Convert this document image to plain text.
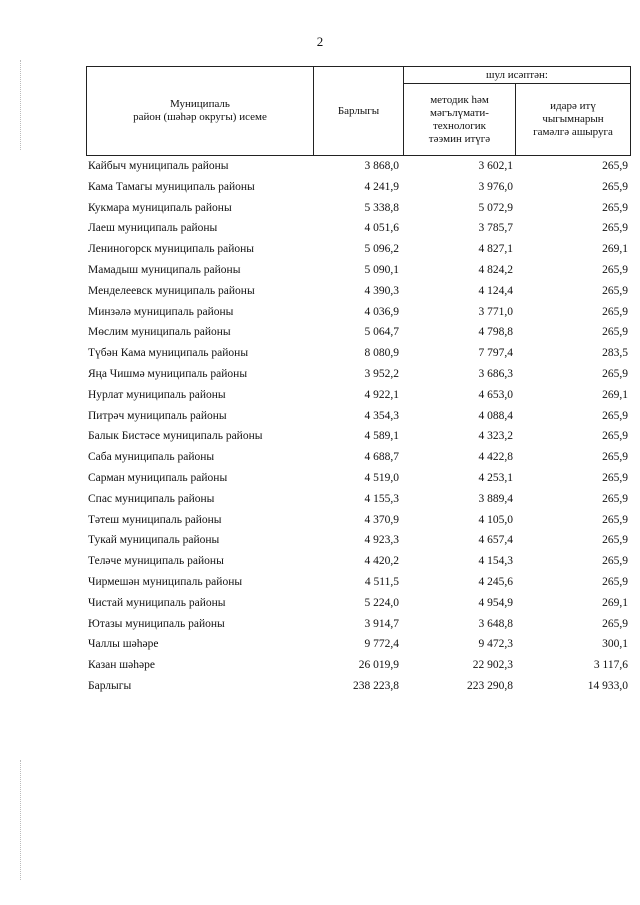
2
Муниципаль
район (шәһәр округы) исеме
Барлыгы
шул исәптән:
методик һәм
мәгълүмати-
технологик
тәэмин итүгә
идарә итү
чыгымнарын
гамәлгә ашыруга
Кайбыч муниципаль районы	3 868,0	3 602,1	265,9
Кама Тамагы муниципаль районы	4 241,9	3 976,0	265,9
Кукмара муниципаль районы	5 338,8	5 072,9	265,9
Лаеш муниципаль районы	4 051,6	3 785,7	265,9
Лениногорск муниципаль районы	5 096,2	4 827,1	269,1
Мамадыш муниципаль районы	5 090,1	4 824,2	265,9
Менделеевск муниципаль районы	4 390,3	4 124,4	265,9
Минзәлә муниципаль районы	4 036,9	3 771,0	265,9
Мөслим муниципаль районы	5 064,7	4 798,8	265,9
Түбән Кама муниципаль районы	8 080,9	7 797,4	283,5
Яңа Чишмә муниципаль районы	3 952,2	3 686,3	265,9
Нурлат муниципаль районы	4 922,1	4 653,0	269,1
Питрәч муниципаль районы	4 354,3	4 088,4	265,9
Балык Бистәсе муниципаль районы	4 589,1	4 323,2	265,9
Саба муниципаль районы	4 688,7	4 422,8	265,9
Сарман муниципаль районы	4 519,0	4 253,1	265,9
Спас муниципаль районы	4 155,3	3 889,4	265,9
Тәтеш муниципаль районы	4 370,9	4 105,0	265,9
Тукай муниципаль районы	4 923,3	4 657,4	265,9
Теләче муниципаль районы	4 420,2	4 154,3	265,9
Чирмешән муниципаль районы	4 511,5	4 245,6	265,9
Чистай муниципаль районы	5 224,0	4 954,9	269,1
Ютазы муниципаль районы	3 914,7	3 648,8	265,9
Чаллы шәһәре	9 772,4	9 472,3	300,1
Казан шәһәре	26 019,9	22 902,3	3 117,6
Барлыгы	238 223,8	223 290,8	14 933,0
